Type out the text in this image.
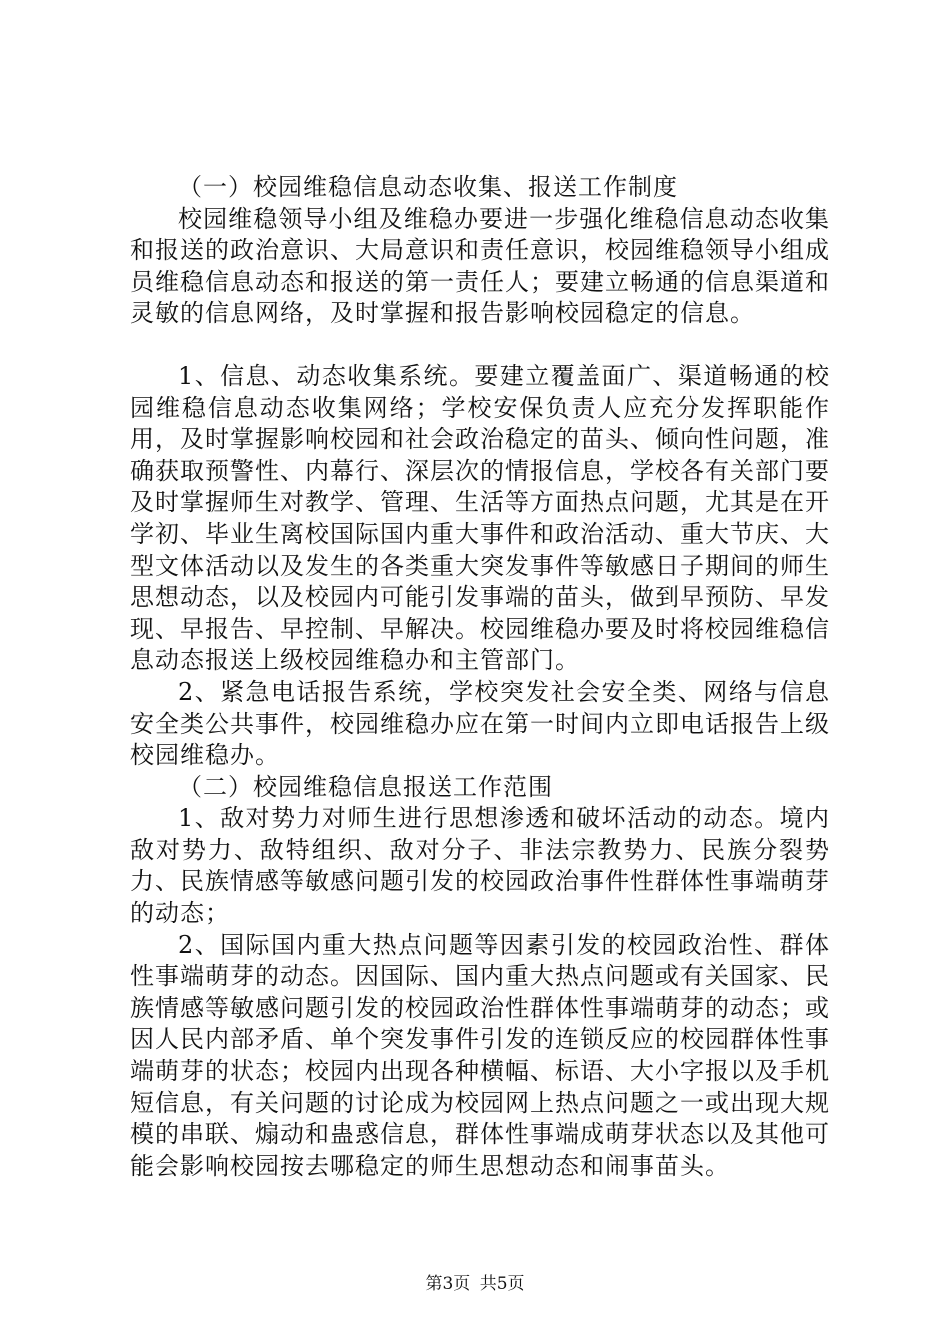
（一）校园维稳信息动态收集、报送工作制度

校园维稳领导小组及维稳办要进一步强化维稳信息动态收集和报送的政治意识、大局意识和责任意识，校园维稳领导小组成员维稳信息动态和报送的第一责任人；要建立畅通的信息渠道和灵敏的信息网络，及时掌握和报告影响校园稳定的信息。

1、信息、动态收集系统。要建立覆盖面广、渠道畅通的校园维稳信息动态收集网络；学校安保负责人应充分发挥职能作用，及时掌握影响校园和社会政治稳定的苗头、倾向性问题，准确获取预警性、内幕行、深层次的情报信息，学校各有关部门要及时掌握师生对教学、管理、生活等方面热点问题，尤其是在开学初、毕业生离校国际国内重大事件和政治活动、重大节庆、大型文体活动以及发生的各类重大突发事件等敏感日子期间的师生思想动态，以及校园内可能引发事端的苗头，做到早预防、早发现、早报告、早控制、早解决。校园维稳办要及时将校园维稳信息动态报送上级校园维稳办和主管部门。

2、紧急电话报告系统，学校突发社会安全类、网络与信息安全类公共事件，校园维稳办应在第一时间内立即电话报告上级校园维稳办。

（二）校园维稳信息报送工作范围

1、敌对势力对师生进行思想渗透和破坏活动的动态。境内敌对势力、敌特组织、敌对分子、非法宗教势力、民族分裂势力、民族情感等敏感问题引发的校园政治事件性群体性事端萌芽的动态；

2、国际国内重大热点问题等因素引发的校园政治性、群体性事端萌芽的动态。因国际、国内重大热点问题或有关国家、民族情感等敏感问题引发的校园政治性群体性事端萌芽的动态；或因人民内部矛盾、单个突发事件引发的连锁反应的校园群体性事端萌芽的状态；校园内出现各种横幅、标语、大小字报以及手机短信息，有关问题的讨论成为校园网上热点问题之一或出现大规模的串联、煽动和蛊惑信息，群体性事端成萌芽状态以及其他可能会影响校园按去哪稳定的师生思想动态和闹事苗头。

第3页 共5页
